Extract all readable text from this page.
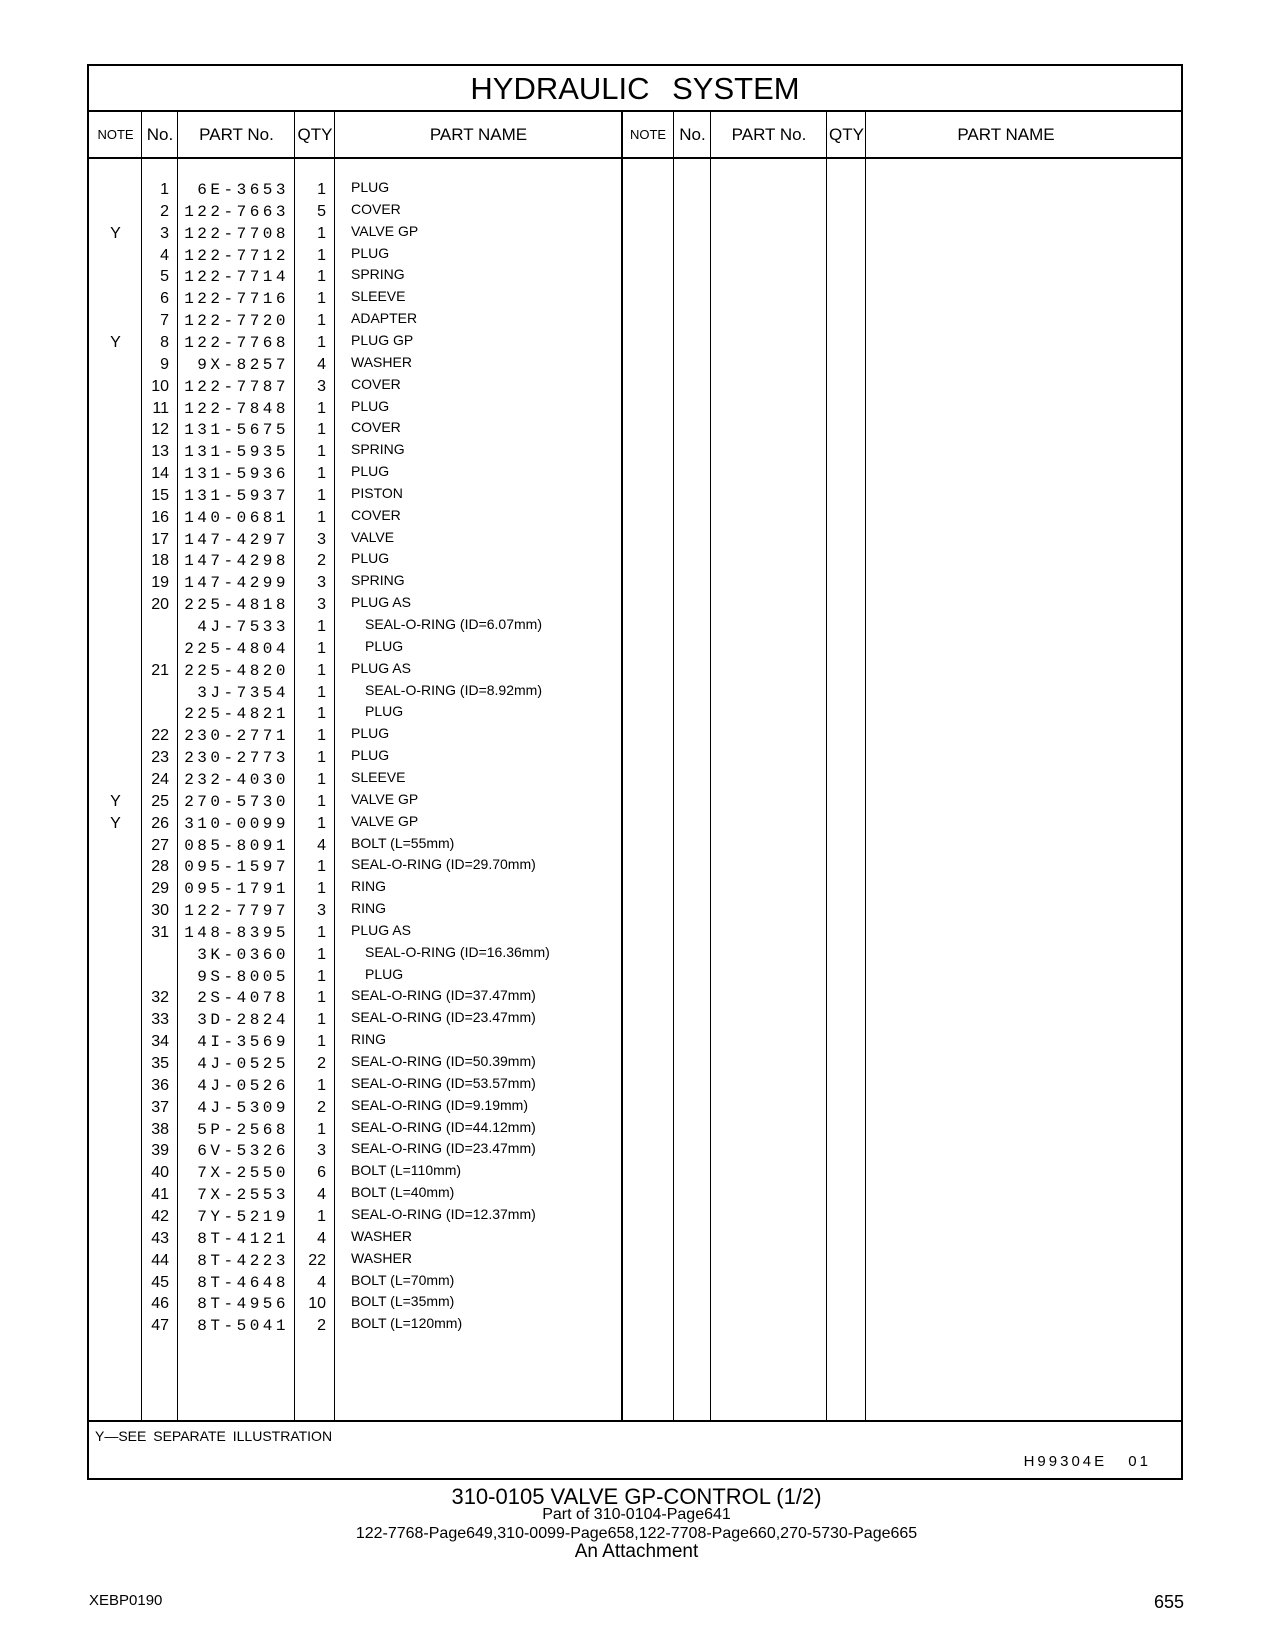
HYDRAULIC SYSTEM
NOTE No.	PART No.	QTY	PART NAME	NOTE No.	PART No.	QTY	PART NAME
1	6E-3653	1 PLUG
2 122-7663	5 COVER
Y	3 122-7708	1 VALVE GP
4 122-7712	1 PLUG
5 122-7714	1 SPRING
6 122-7716	1 SLEEVE
7 122-7720	1 ADAPTER
Y	8 122-7768	1 PLUG GP
9	9X-8257	4 WASHER
10 122-7787	3 COVER
11 122-7848	1 PLUG
12 131-5675	1 COVER
13 131-5935	1 SPRING
14 131-5936	1 PLUG
15 131-5937	1 PISTON
16 140-0681	1 COVER
17 147-4297	3 VALVE
18 147-4298	2 PLUG
19 147-4299	3 SPRING
20 225-4818	3 PLUG AS
4J-7533	1	SEAL‐O‐RING (ID=6.07mm)
225-4804	1	PLUG
21 225-4820	1 PLUG AS
3J-7354	1	SEAL‐O‐RING (ID=8.92mm)
225-4821	1	PLUG
22 230-2771	1 PLUG
23 230-2773	1 PLUG
24 232-4030	1 SLEEVE
Y	25 270-5730	1 VALVE GP
Y	26 310-0099	1 VALVE GP
27 085-8091	4 BOLT (L=55mm)
28 095-1597	1 SEAL‐O‐RING (ID=29.70mm)
29 095-1791	1 RING
30 122-7797	3 RING
31 148-8395	1 PLUG AS
3K-0360	1	SEAL‐O‐RING (ID=16.36mm)
9S-8005	1	PLUG
32	2S-4078	1 SEAL‐O‐RING (ID=37.47mm)
33	3D-2824	1 SEAL‐O‐RING (ID=23.47mm)
34	4I-3569	1 RING
35	4J-0525	2 SEAL‐O‐RING (ID=50.39mm)
36	4J-0526	1 SEAL‐O‐RING (ID=53.57mm)
37	4J-5309	2 SEAL‐O‐RING (ID=9.19mm)
38	5P-2568	1 SEAL‐O‐RING (ID=44.12mm)
39	6V-5326	3 SEAL‐O‐RING (ID=23.47mm)
40	7X-2550	6 BOLT (L=110mm)
41	7X-2553	4 BOLT (L=40mm)
42	7Y-5219	1 SEAL‐O‐RING (ID=12.37mm)
43	8T-4121	4 WASHER
44	8T-4223	22 WASHER
45	8T-4648	4 BOLT (L=70mm)
46	8T-4956	10 BOLT (L=35mm)
47	8T-5041	2 BOLT (L=120mm)
Y—SEE SEPARATE ILLUSTRATION
H99304E 01
310‐0105 VALVE GP‐CONTROL (1/2)
Part of 310‐0104‐Page641
122‐7768‐Page649,310‐0099‐Page658,122‐7708‐Page660,270‐5730‐Page665
An Attachment
XEBP0190	655
